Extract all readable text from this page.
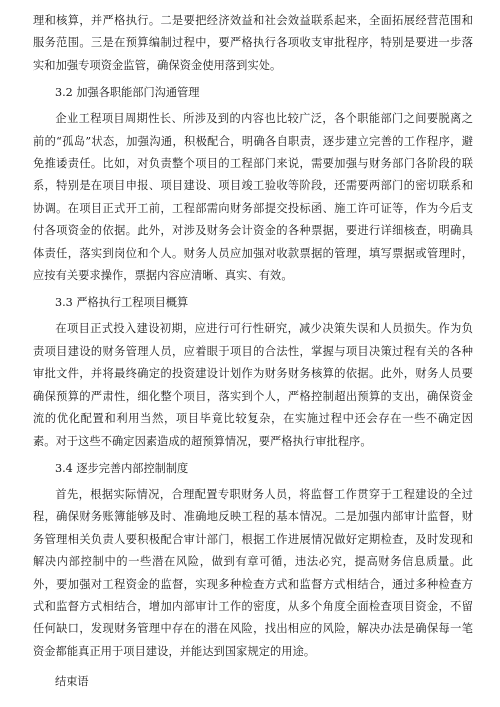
理和核算，并严格执行。二是要把经济效益和社会效益联系起来，全面拓展经营范围和服务范围。三是在预算编制过程中，要严格执行各项收支审批程序，特别是要进一步落实和加强专项资金监管，确保资金使用落到实处。

3.2 加强各职能部门沟通管理

企业工程项目周期性长、所涉及到的内容也比较广泛，各个职能部门之间要脱离之前的“孤岛”状态，加强沟通，积极配合，明确各自职责，逐步建立完善的工作程序，避免推诿责任。比如，对负责整个项目的工程部门来说，需要加强与财务部门各阶段的联系，特别是在项目申报、项目建设、项目竣工验收等阶段，还需要两部门的密切联系和协调。在项目正式开工前，工程部需向财务部提交投标函、施工许可证等，作为今后支付各项资金的依据。此外，对涉及财务会计资金的各种票据，要进行详细核查，明确具体责任，落实到岗位和个人。财务人员应加强对收款票据的管理，填写票据或管理时，应按有关要求操作，票据内容应清晰、真实、有效。

3.3 严格执行工程项目概算

在项目正式投入建设初期，应进行可行性研究，减少决策失误和人员损失。作为负责项目建设的财务管理人员，应着眼于项目的合法性，掌握与项目决策过程有关的各种审批文件，并将最终确定的投资建设计划作为财务财务核算的依据。此外，财务人员要确保预算的严肃性，细化整个项目，落实到个人，严格控制超出预算的支出，确保资金流的优化配置和利用当然，项目毕竟比较复杂，在实施过程中还会存在一些不确定因素。对于这些不确定因素造成的超预算情况，要严格执行审批程序。

3.4 逐步完善内部控制制度

首先，根据实际情况，合理配置专职财务人员，将监督工作贯穿于工程建设的全过程，确保财务账簿能够及时、准确地反映工程的基本情况。二是加强内部审计监督，财务管理相关负责人要积极配合审计部门，根据工作进展情况做好定期检查，及时发现和解决内部控制中的一些潜在风险，做到有章可循，违法必究，提高财务信息质量。此外，要加强对工程资金的监督，实现多种检查方式和监督方式相结合，通过多种检查方式和监督方式相结合，增加内部审计工作的密度，从多个角度全面检查项目资金，不留任何缺口，发现财务管理中存在的潜在风险，找出相应的风险，解决办法是确保每一笔资金都能真正用于项目建设，并能达到国家规定的用途。

结束语
